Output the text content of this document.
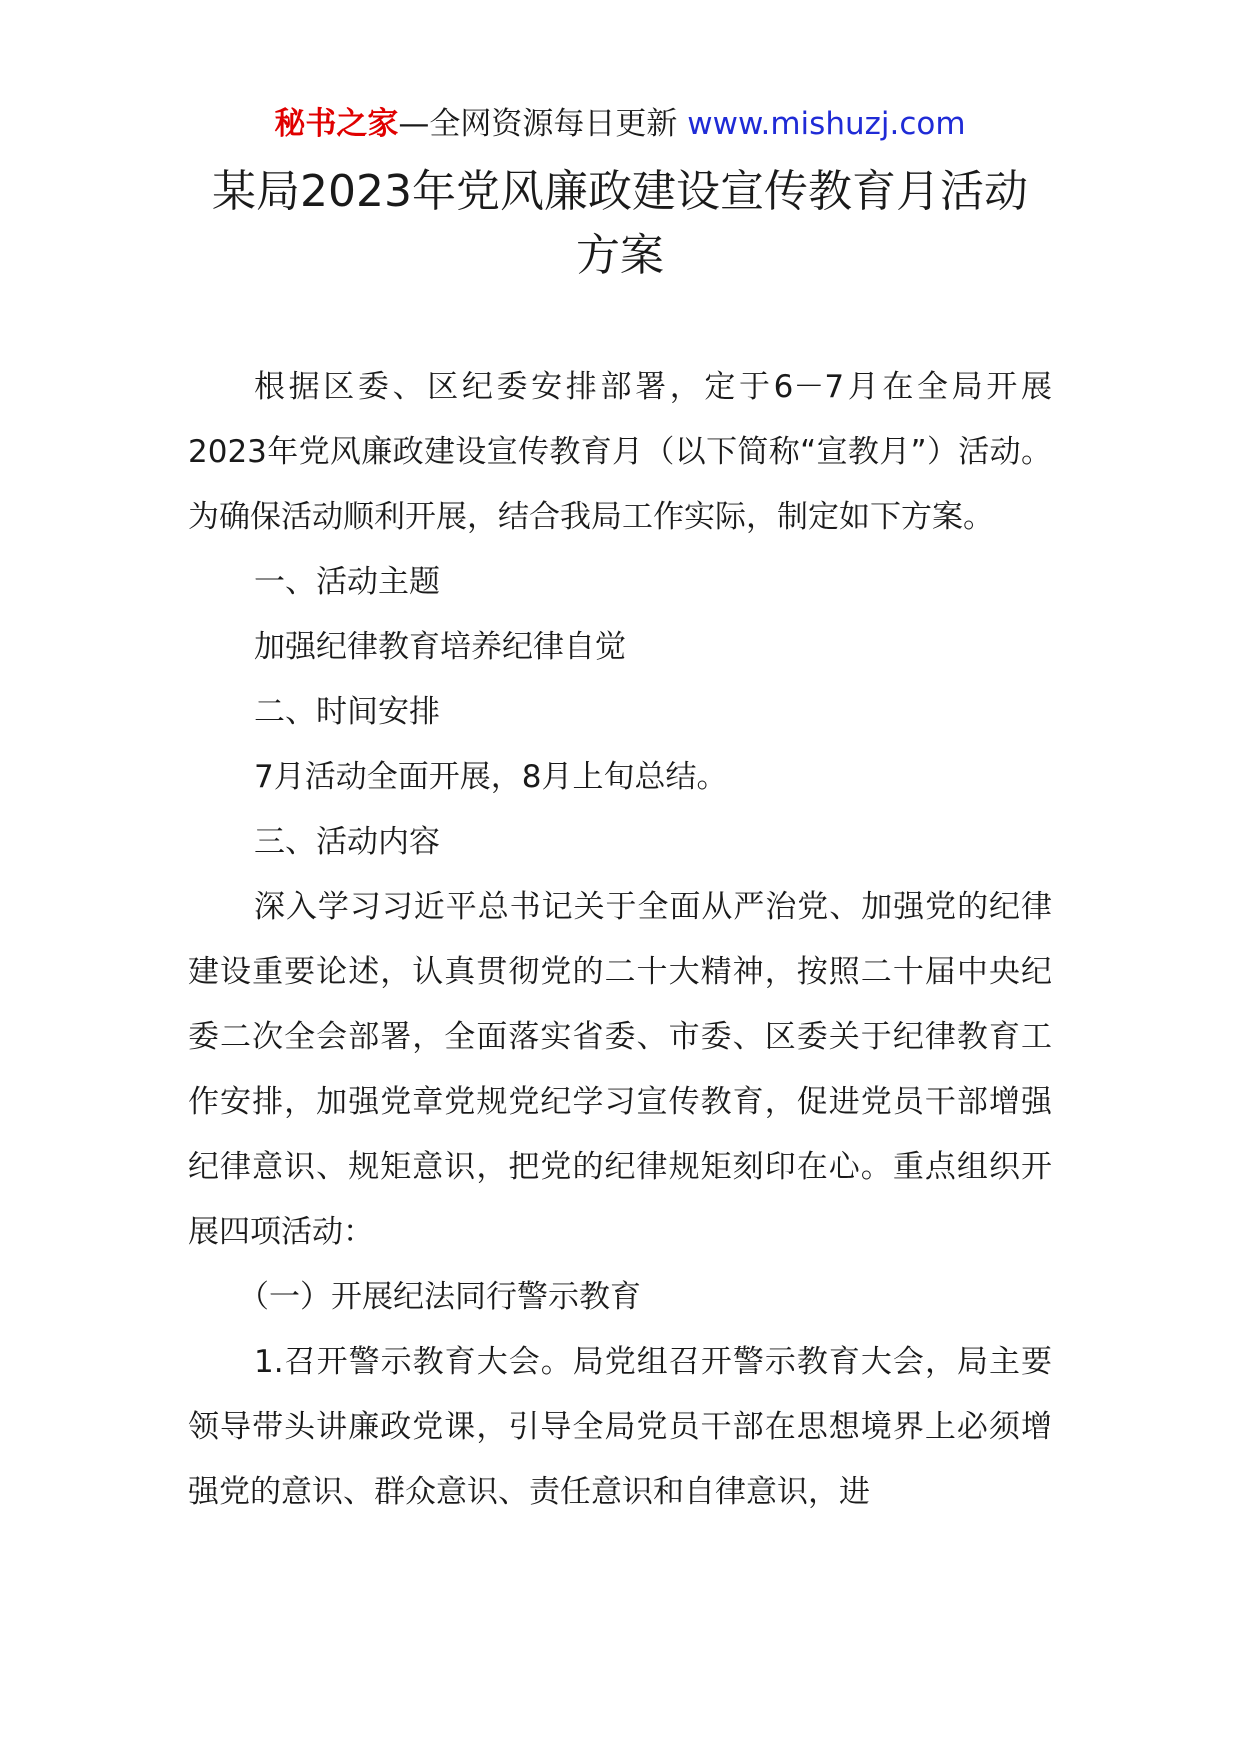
秘书之家—全网资源每日更新 www.mishuzj.com
某局2023年党风廉政建设宣传教育月活动
方案

根据区委、区纪委安排部署，定于6－7月在全局开展2023年党风廉政建设宣传教育月（以下简称“宣教月”）活动。为确保活动顺利开展，结合我局工作实际，制定如下方案。

一、活动主题

加强纪律教育培养纪律自觉

二、时间安排

7月活动全面开展，8月上旬总结。

三、活动内容

深入学习习近平总书记关于全面从严治党、加强党的纪律建设重要论述，认真贯彻党的二十大精神，按照二十届中央纪委二次全会部署，全面落实省委、市委、区委关于纪律教育工作安排，加强党章党规党纪学习宣传教育，促进党员干部增强纪律意识、规矩意识，把党的纪律规矩刻印在心。重点组织开展四项活动：

（一）开展纪法同行警示教育

1.召开警示教育大会。局党组召开警示教育大会，局主要领导带头讲廉政党课，引导全局党员干部在思想境界上必须增强党的意识、群众意识、责任意识和自律意识，进
